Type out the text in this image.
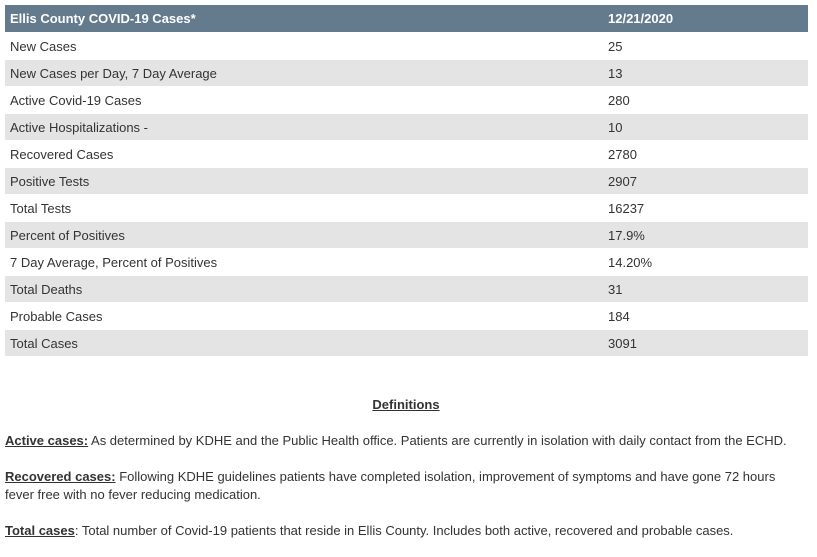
Ellis County COVID-19 Cases*	12/21/2020
New Cases	25
New Cases per Day, 7 Day Average	13
Active Covid-19 Cases	280
Active Hospitalizations -	10
Recovered Cases	2780
Positive Tests	2907
Total Tests	16237
Percent of Positives	17.9%
7 Day Average, Percent of Positives	14.20%
Total Deaths	31
Probable Cases	184
Total Cases	3091
Definitions

Active cases: As determined by KDHE and the Public Health office. Patients are currently in isolation with daily contact from the ECHD.

Recovered cases: Following KDHE guidelines patients have completed isolation, improvement of symptoms and have gone 72 hours fever free with no fever reducing medication.

Total cases: Total number of Covid-19 patients that reside in Ellis County. Includes both active, recovered and probable cases.
